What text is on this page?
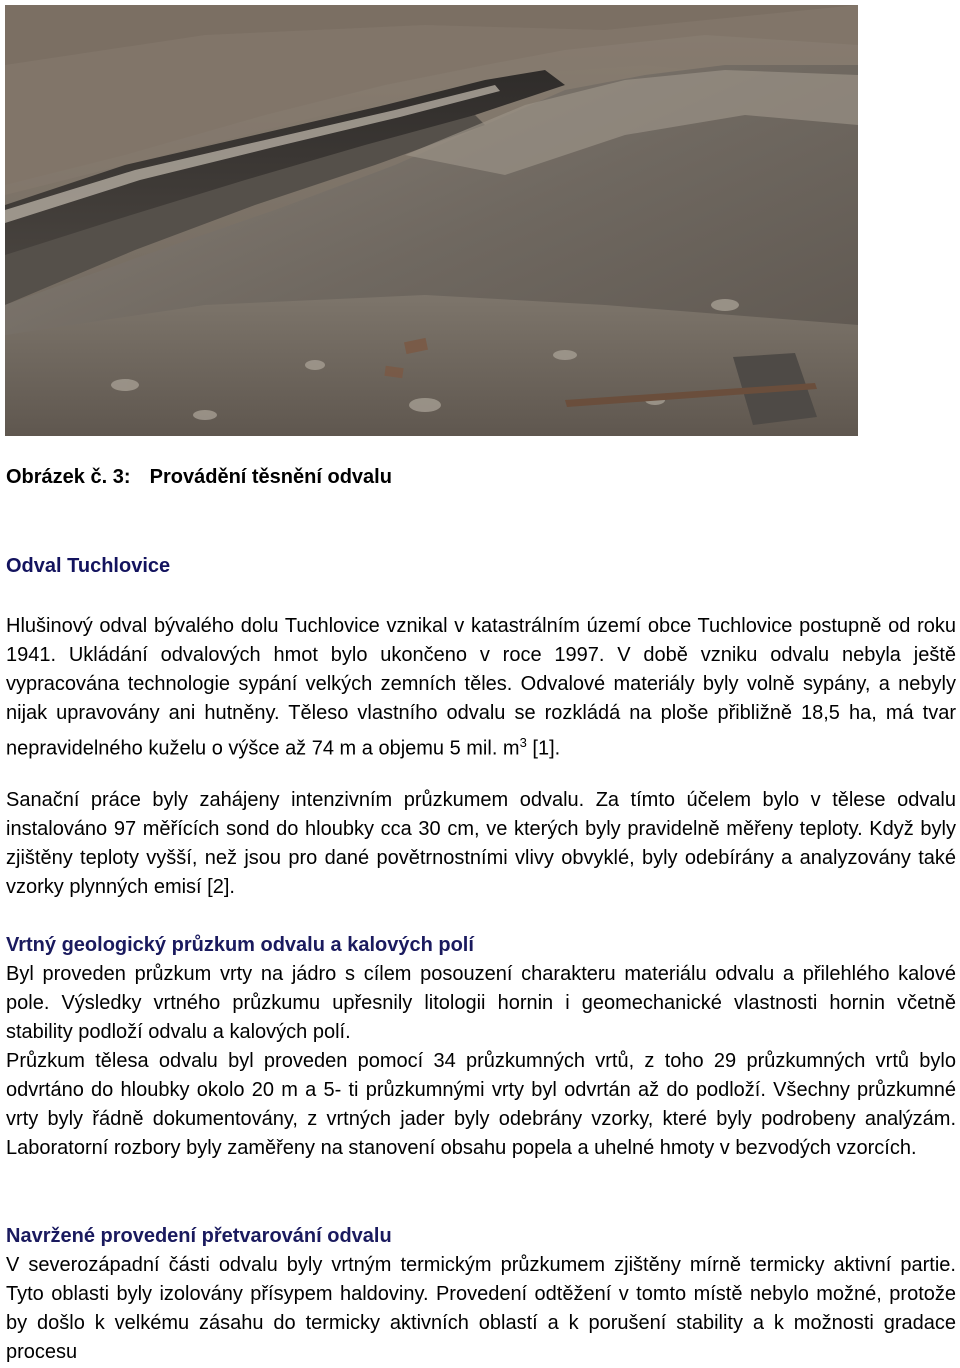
Obrázek č. 3: Provádění těsnění odvalu
Odval Tuchlovice

Hlušinový odval bývalého dolu Tuchlovice vznikal v katastrálním území obce Tuchlovice postupně od roku 1941. Ukládání odvalových hmot bylo ukončeno v roce 1997. V době vzniku odvalu nebyla ještě vypracována technologie sypání velkých zemních těles. Odvalové materiály byly volně sypány, a nebyly nijak upravovány ani hutněny. Těleso vlastního odvalu se rozkládá na ploše přibližně 18,5 ha, má tvar nepravidelného kuželu o výšce až 74 m a objemu 5 mil. $m^3$ [1].

Sanační práce byly zahájeny intenzivním průzkumem odvalu. Za tímto účelem bylo v tělese odvalu instalováno 97 měřících sond do hloubky cca 30 cm, ve kterých byly pravidelně měřeny teploty. Když byly zjištěny teploty vyšší, než jsou pro dané povětrnostními vlivy obvyklé, byly odebírány a analyzovány také vzorky plynných emisí [2].

Vrtný geologický průzkum odvalu a kalových polí

Byl proveden průzkum vrty na jádro s cílem posouzení charakteru materiálu odvalu a přilehlého kalové pole. Výsledky vrtného průzkumu upřesnily litologii hornin i geomechanické vlastnosti hornin včetně stability podloží odvalu a kalových polí.

Průzkum tělesa odvalu byl proveden pomocí 34 průzkumných vrtů, z toho 29 průzkumných vrtů bylo odvrtáno do hloubky okolo 20 m a 5- ti průzkumnými vrty byl odvrtán až do podloží. Všechny průzkumné vrty byly řádně dokumentovány, z vrtných jader byly odebrány vzorky, které byly podrobeny analýzám. Laboratorní rozbory byly zaměřeny na stanovení obsahu popela a uhelné hmoty v bezvodých vzorcích.

Navržené provedení přetvarování odvalu

V severozápadní části odvalu byly vrtným termickým průzkumem zjištěny mírně termicky aktivní partie. Tyto oblasti byly izolovány přísypem haldoviny. Provedení odtěžení v tomto místě nebylo možné, protože by došlo k velkému zásahu do termicky aktivních oblastí a k porušení stability a k možnosti gradace procesu
